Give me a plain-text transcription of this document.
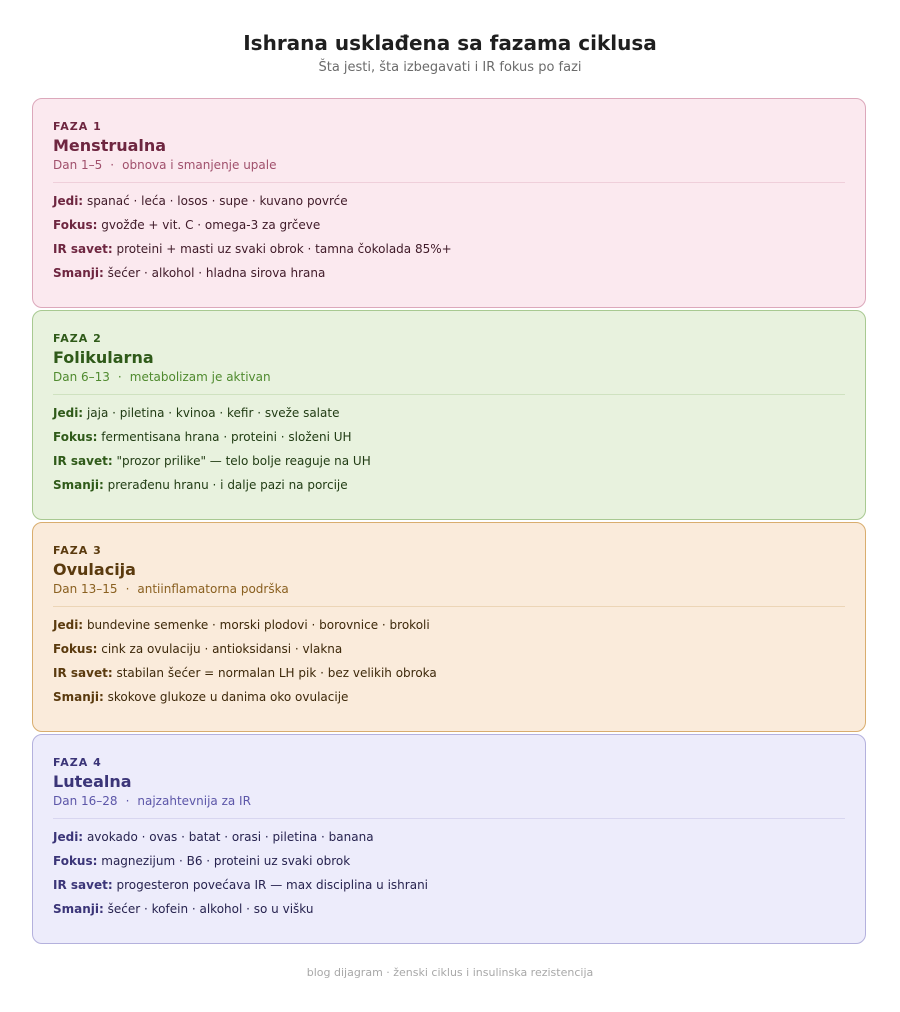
Ishrana usklađena sa fazama ciklusa
Šta jesti, šta izbegavati i IR fokus po fazi
FAZA 1
Menstrualna
Dan 1–5 · obnova i smanjenje upale
Jedi: spanać · leća · losos · supe · kuvano povrće
Fokus: gvožđe + vit. C · omega-3 za grčeve
IR savet: proteini + masti uz svaki obrok · tamna čokolada 85%+
Smanji: šećer · alkohol · hladna sirova hrana
FAZA 2
Folikularna
Dan 6–13 · metabolizam je aktivan
Jedi: jaja · piletina · kvinoa · kefir · sveže salate
Fokus: fermentisana hrana · proteini · složeni UH
IR savet: "prozor prilike" — telo bolje reaguje na UH
Smanji: prerađenu hranu · i dalje pazi na porcije
FAZA 3
Ovulacija
Dan 13–15 · antiinflamatorna podrška
Jedi: bundevine semenke · morski plodovi · borovnice · brokoli
Fokus: cink za ovulaciju · antioksidansi · vlakna
IR savet: stabilan šećer = normalan LH pik · bez velikih obroka
Smanji: skokove glukoze u danima oko ovulacije
FAZA 4
Lutealna
Dan 16–28 · najzahtevnija za IR
Jedi: avokado · ovas · batat · orasi · piletina · banana
Fokus: magnezijum · B6 · proteini uz svaki obrok
IR savet: progesteron povećava IR — max disciplina u ishrani
Smanji: šećer · kofein · alkohol · so u višku
blog dijagram · ženski ciklus i insulinska rezistencija
